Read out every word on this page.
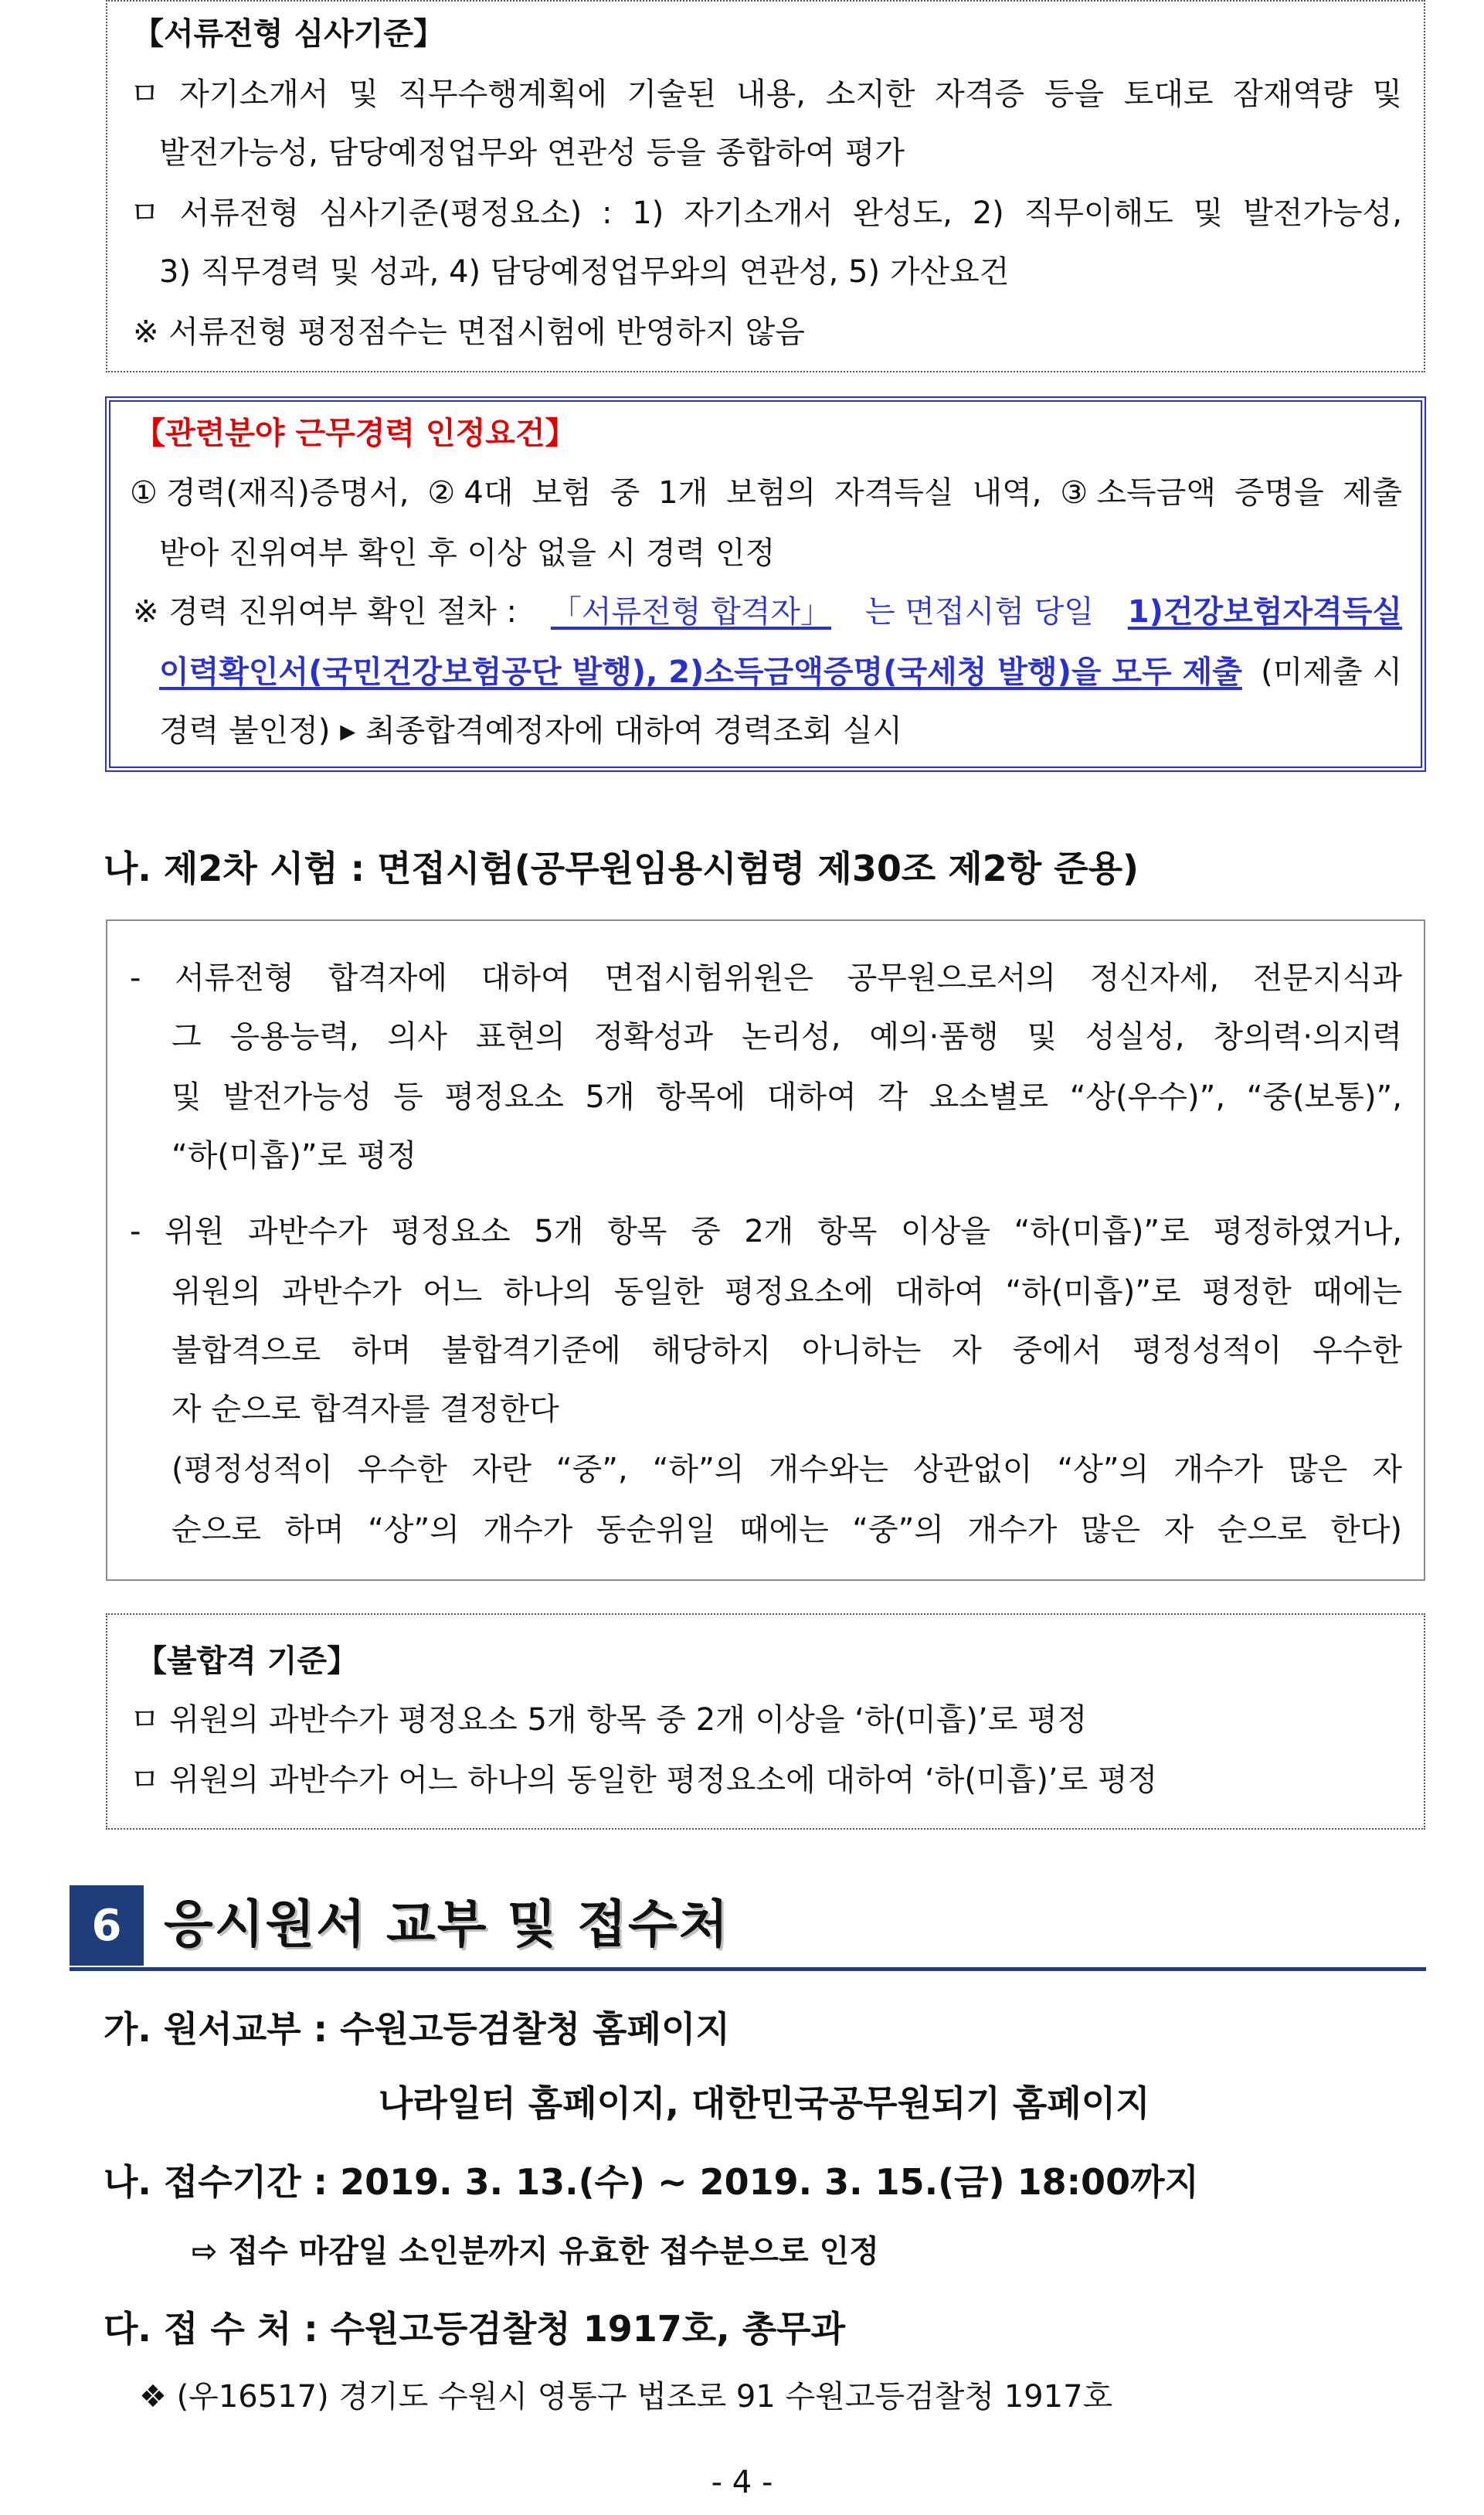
【서류전형 심사기준】
ㅁ 자기소개서 및 직무수행계획에 기술된 내용, 소지한 자격증 등을 토대로 잠재역량 및
발전가능성, 담당예정업무와 연관성 등을 종합하여 평가
ㅁ 서류전형 심사기준(평정요소) : 1) 자기소개서 완성도, 2) 직무이해도 및 발전가능성,
3) 직무경력 및 성과, 4) 담당예정업무와의 연관성, 5) 가산요건
※ 서류전형 평정점수는 면접시험에 반영하지 않음
【관련분야 근무경력 인정요건】
①경력(재직)증명서, ②4대 보험 중 1개 보험의 자격득실 내역, ③소득금액 증명을 제출
받아 진위여부 확인 후 이상 없을 시 경력 인정
※ 경력 진위여부 확인 절차 : 「서류전형 합격자」 는 면접시험 당일 1)건강보험자격득실
이력확인서(국민건강보험공단 발행), 2)소득금액증명(국세청 발행)을 모두 제출 (미제출 시
경력 불인정) ▸ 최종합격예정자에 대하여 경력조회 실시
나. 제2차 시험 : 면접시험(공무원임용시험령 제30조 제2항 준용)
- 서류전형 합격자에 대하여 면접시험위원은 공무원으로서의 정신자세, 전문지식과
그 응용능력, 의사 표현의 정확성과 논리성, 예의·품행 및 성실성, 창의력·의지력
및 발전가능성 등 평정요소 5개 항목에 대하여 각 요소별로 “상(우수)”, “중(보통)”,
“하(미흡)”로 평정
- 위원 과반수가 평정요소 5개 항목 중 2개 항목 이상을 “하(미흡)”로 평정하였거나,
위원의 과반수가 어느 하나의 동일한 평정요소에 대하여 “하(미흡)”로 평정한 때에는
불합격으로 하며 불합격기준에 해당하지 아니하는 자 중에서 평정성적이 우수한
자 순으로 합격자를 결정한다
(평정성적이 우수한 자란 “중”, “하”의 개수와는 상관없이 “상”의 개수가 많은 자
순으로 하며 “상”의 개수가 동순위일 때에는 “중”의 개수가 많은 자 순으로 한다)
【불합격 기준】
ㅁ 위원의 과반수가 평정요소 5개 항목 중 2개 이상을 ‘하(미흡)’로 평정
ㅁ 위원의 과반수가 어느 하나의 동일한 평정요소에 대하여 ‘하(미흡)’로 평정
6 응시원서 교부 및 접수처
가. 원서교부 : 수원고등검찰청 홈페이지
나라일터 홈페이지, 대한민국공무원되기 홈페이지
나. 접수기간 : 2019. 3. 13.(수) ~ 2019. 3. 15.(금) 18:00까지
⇨ 접수 마감일 소인분까지 유효한 접수분으로 인정
다. 접 수 처 : 수원고등검찰청 1917호, 총무과
❖ (우16517) 경기도 수원시 영통구 법조로 91 수원고등검찰청 1917호
- 4 -
